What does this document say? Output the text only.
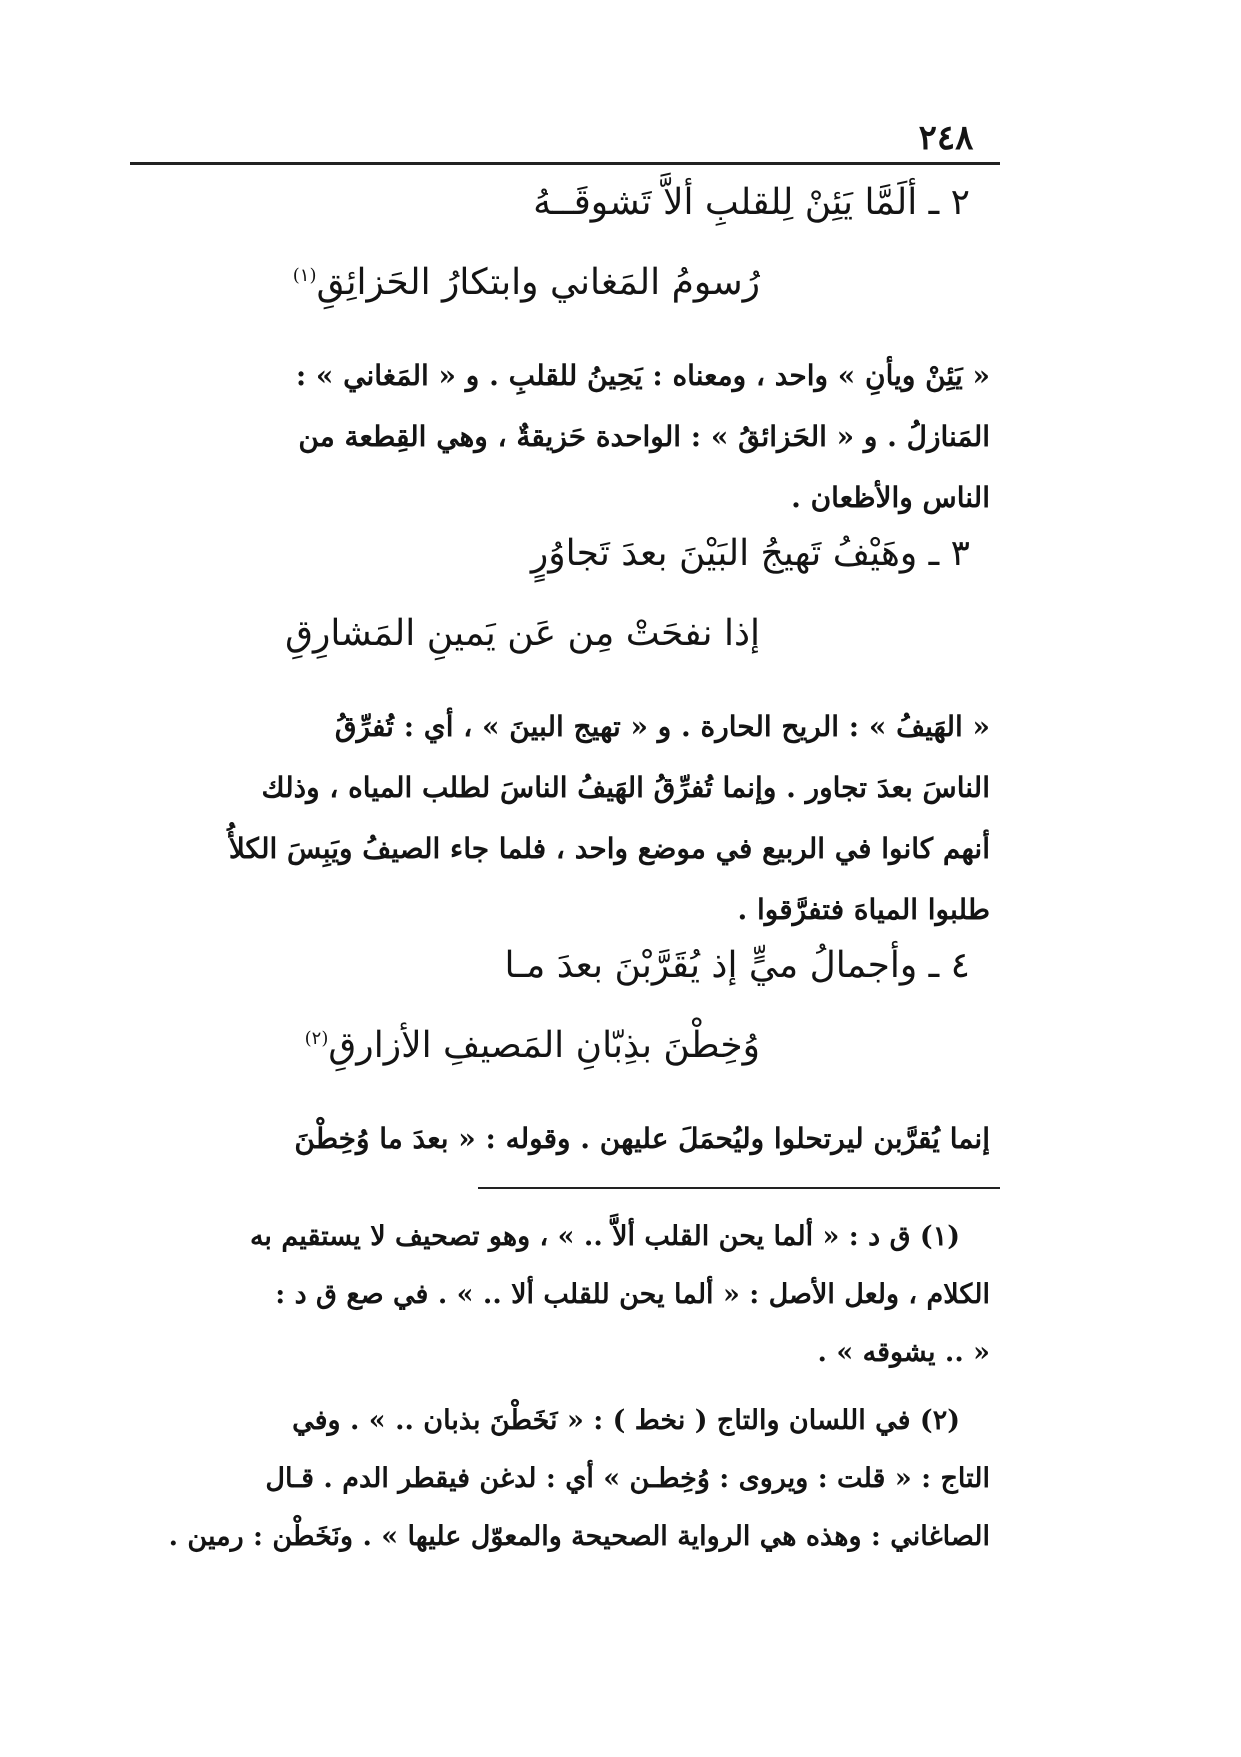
٢٤٨
٢ ـ ألَمَّا يَئِنْ لِلقلبِ ألاَّ تَشوقَــهُ
رُسومُ المَغاني وابتكارُ الحَزائِقِ$^{(١)}$
« يَئِنْ ويأنِ » واحد ، ومعناه : يَحِينُ للقلبِ . و « المَغاني » :
المَنازلُ . و « الحَزائقُ » : الواحدة حَزيقةٌ ، وهي القِطعة من
الناس والأظعان .
٣ ـ وهَيْفُ تَهيجُ البَيْنَ بعدَ تَجاوُرٍ
إذا نفحَتْ مِن عَن يَمينِ المَشارِقِ
« الهَيفُ » : الريح الحارة . و « تهيج البينَ » ، أي : تُفرِّقُ
الناسَ بعدَ تجاور . وإنما تُفرِّقُ الهَيفُ الناسَ لطلب المياه ، وذلك
أنهم كانوا في الربيع في موضع واحد ، فلما جاء الصيفُ ويَبِسَ الكلأُ
طلبوا المياهَ فتفرَّقوا .
٤ ـ وأجمالُ ميٍّ إذ يُقَرَّبْنَ بعدَ مـا
وُخِطْنَ بذِبّانِ المَصيفِ الأزارقِ$^{(٢)}$
إنما يُقرَّبن ليرتحلوا وليُحمَلَ عليهن . وقوله : « بعدَ ما وُخِطْنَ
(١) ق د : « ألما يحن القلب ألاَّ .. » ، وهو تصحيف لا يستقيم به
الكلام ، ولعل الأصل : « ألما يحن للقلب ألا .. » . في صع ق د :
« .. يشوقه » .
(٢) في اللسان والتاج ( نخط ) : « نَخَطْنَ بذبان .. » . وفي
التاج : « قلت : ويروى : وُخِطـن » أي : لدغن فيقطر الدم . قـال
الصاغاني : وهذه هي الرواية الصحيحة والمعوّل عليها » . ونَخَطْن : رمين .
